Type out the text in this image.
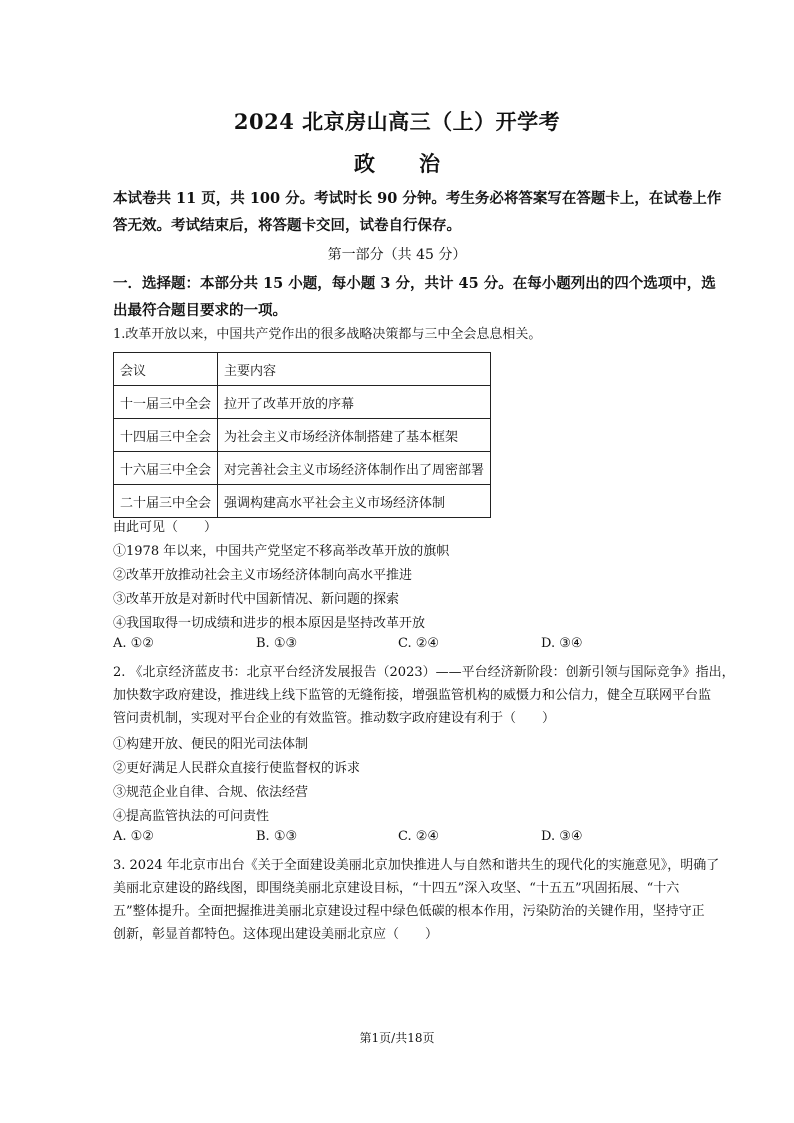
2024 北京房山高三（上）开学考
政 治
本试卷共 11 页，共 100 分。考试时长 90 分钟。考生务必将答案写在答题卡上，在试卷上作
答无效。考试结束后，将答题卡交回，试卷自行保存。
第一部分（共 45 分）
一．选择题：本部分共 15 小题，每小题 3 分，共计 45 分。在每小题列出的四个选项中，选
出最符合题目要求的一项。
1.改革开放以来，中国共产党作出的很多战略决策都与三中全会息息相关。
会议	主要内容
十一届三中全会	拉开了改革开放的序幕
十四届三中全会	为社会主义市场经济体制搭建了基本框架
十六届三中全会	对完善社会主义市场经济体制作出了周密部署
二十届三中全会	强调构建高水平社会主义市场经济体制
由此可见（　　）
①1978 年以来，中国共产党坚定不移高举改革开放的旗帜
②改革开放推动社会主义市场经济体制向高水平推进
③改革开放是对新时代中国新情况、新问题的探索
④我国取得一切成绩和进步的根本原因是坚持改革开放
A. ①②	B. ①③	C. ②④	D. ③④
2. 《北京经济蓝皮书：北京平台经济发展报告（2023）——平台经济新阶段：创新引领与国际竞争》指出，
加快数字政府建设，推进线上线下监管的无缝衔接，增强监管机构的威慑力和公信力，健全互联网平台监
管问责机制，实现对平台企业的有效监管。推动数字政府建设有利于（　　）
①构建开放、便民的阳光司法体制
②更好满足人民群众直接行使监督权的诉求
③规范企业自律、合规、依法经营
④提高监管执法的可问责性
A. ①②	B. ①③	C. ②④	D. ③④
3. 2024 年北京市出台《关于全面建设美丽北京加快推进人与自然和谐共生的现代化的实施意见》，明确了
美丽北京建设的路线图，即围绕美丽北京建设目标，“十四五”深入攻坚、“十五五”巩固拓展、“十六
五”整体提升。全面把握推进美丽北京建设过程中绿色低碳的根本作用，污染防治的关键作用，坚持守正
创新，彰显首都特色。这体现出建设美丽北京应（　　）
第1页/共18页
